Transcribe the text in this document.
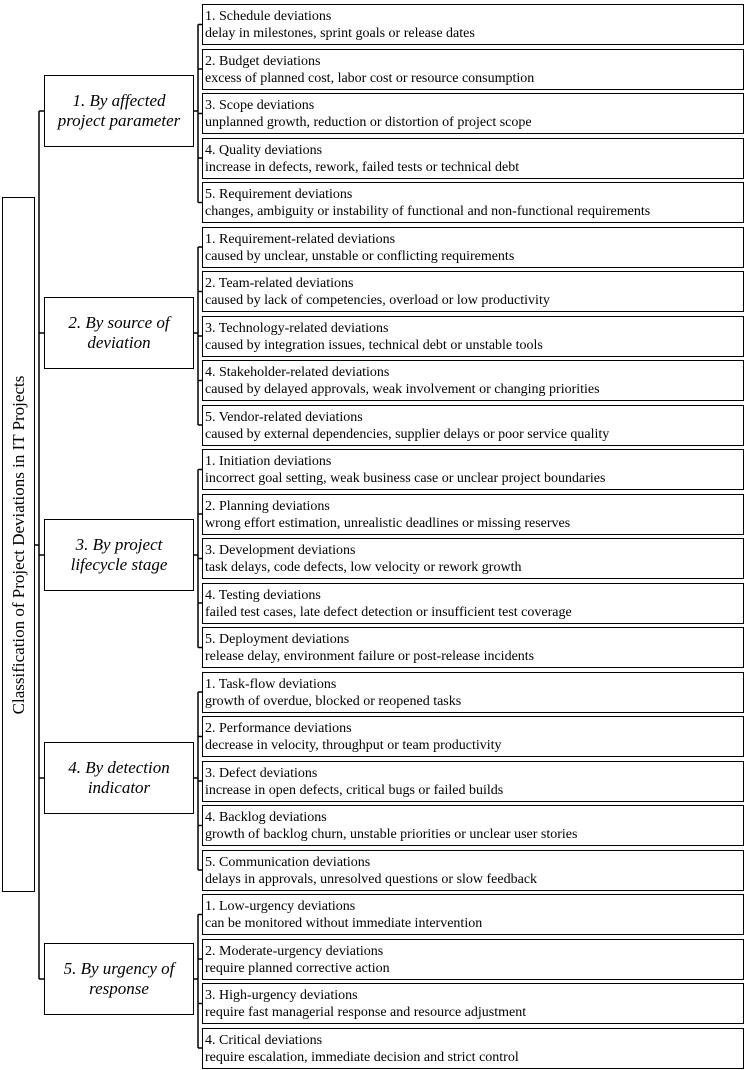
Classification of Project Deviations in IT Projects
1. By affected project parameter
1. Schedule deviations
delay in milestones, sprint goals or release dates
2. Budget deviations
excess of planned cost, labor cost or resource consumption
3. Scope deviations
unplanned growth, reduction or distortion of project scope
4. Quality deviations
increase in defects, rework, failed tests or technical debt
5. Requirement deviations
changes, ambiguity or instability of functional and non-functional requirements
2. By source of deviation
1. Requirement-related deviations
caused by unclear, unstable or conflicting requirements
2. Team-related deviations
caused by lack of competencies, overload or low productivity
3. Technology-related deviations
caused by integration issues, technical debt or unstable tools
4. Stakeholder-related deviations
caused by delayed approvals, weak involvement or changing priorities
5. Vendor-related deviations
caused by external dependencies, supplier delays or poor service quality
3. By project lifecycle stage
1. Initiation deviations
incorrect goal setting, weak business case or unclear project boundaries
2. Planning deviations
wrong effort estimation, unrealistic deadlines or missing reserves
3. Development deviations
task delays, code defects, low velocity or rework growth
4. Testing deviations
failed test cases, late defect detection or insufficient test coverage
5. Deployment deviations
release delay, environment failure or post-release incidents
4. By detection indicator
1. Task-flow deviations
growth of overdue, blocked or reopened tasks
2. Performance deviations
decrease in velocity, throughput or team productivity
3. Defect deviations
increase in open defects, critical bugs or failed builds
4. Backlog deviations
growth of backlog churn, unstable priorities or unclear user stories
5. Communication deviations
delays in approvals, unresolved questions or slow feedback
5. By urgency of response
1. Low-urgency deviations
can be monitored without immediate intervention
2. Moderate-urgency deviations
require planned corrective action
3. High-urgency deviations
require fast managerial response and resource adjustment
4. Critical deviations
require escalation, immediate decision and strict control
